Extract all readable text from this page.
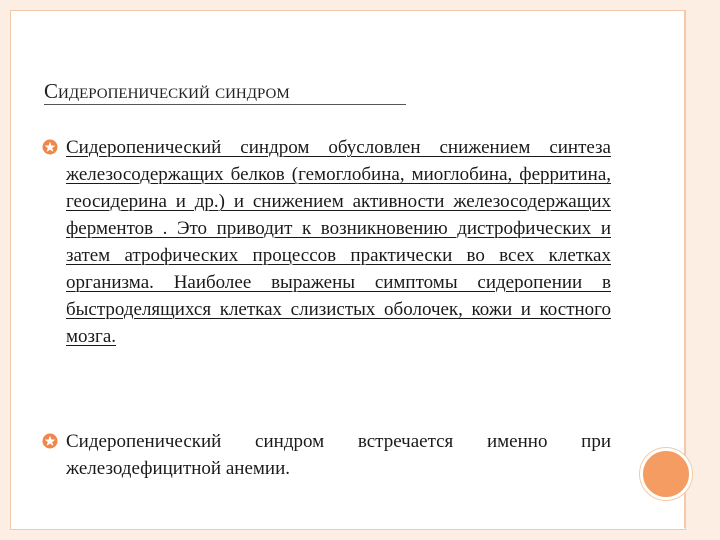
Сидеропенический синдром
Сидеропенический синдром обусловлен снижением синтеза железосодержащих белков (гемоглобина, миоглобина, ферритина, геосидерина и др.) и снижением активности железосодержащих ферментов . Это приводит к возникновению дистрофических и затем атрофических процессов практически во всех клетках организма. Наиболее выражены симптомы сидеропении в быстроделящихся клетках слизистых оболочек, кожи и костного мозга.
Сидеропенический синдром встречается именно при железодефицитной анемии.
